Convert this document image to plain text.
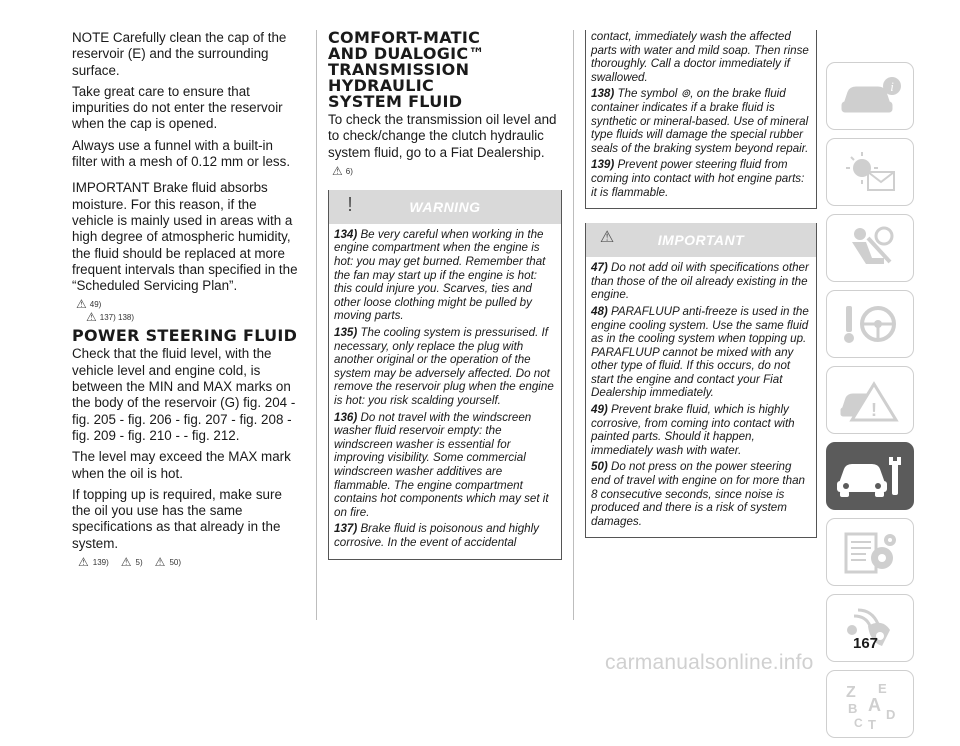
NOTE Carefully clean the cap of the reservoir (E) and the surrounding surface.

Take great care to ensure that impurities do not enter the reservoir when the cap is opened.

Always use a funnel with a built-in filter with a mesh of 0.12 mm or less.

IMPORTANT Brake fluid absorbs moisture. For this reason, if the vehicle is mainly used in areas with a high degree of atmospheric humidity, the fluid should be replaced at more frequent intervals than specified in the “Scheduled Servicing Plan”.

⚠ 49)
⚠ 137) 138)
POWER STEERING FLUID

Check that the fluid level, with the vehicle level and engine cold, is between the MIN and MAX marks on the body of the reservoir (G) fig. 204 - fig. 205 - fig. 206 - fig. 207 - fig. 208 - fig. 209 - fig. 210 - - fig. 212.

The level may exceed the MAX mark when the oil is hot.

If topping up is required, make sure the oil you use has the same specifications as that already in the system.

⚠ 139) ⚠ 5) ⚠ 50)
COMFORT-MATIC AND DUALOGIC™ TRANSMISSION HYDRAULIC SYSTEM FLUID

To check the transmission oil level and to check/change the clutch hydraulic system fluid, go to a Fiat Dealership.

⚠ 6)
!	WARNING

134) Be very careful when working in the engine compartment when the engine is hot: you may get burned. Remember that the fan may start up if the engine is hot: this could injure you. Scarves, ties and other loose clothing might be pulled by moving parts.

135) The cooling system is pressurised. If necessary, only replace the plug with another original or the operation of the system may be adversely affected. Do not remove the reservoir plug when the engine is hot: you risk scalding yourself.

136) Do not travel with the windscreen washer fluid reservoir empty: the windscreen washer is essential for improving visibility. Some commercial windscreen washer additives are flammable. The engine compartment contains hot components which may set it on fire.

137) Brake fluid is poisonous and highly corrosive. In the event of accidental

contact, immediately wash the affected parts with water and mild soap. Then rinse thoroughly. Call a doctor immediately if swallowed.

138) The symbol ⊚, on the brake fluid container indicates if a brake fluid is synthetic or mineral-based. Use of mineral type fluids will damage the special rubber seals of the braking system beyond repair.

139) Prevent power steering fluid from coming into contact with hot engine parts: it is flammable.

⚠	IMPORTANT

47) Do not add oil with specifications other than those of the oil already existing in the engine.

48) PARAFLUUP anti-freeze is used in the engine cooling system. Use the same fluid as in the cooling system when topping up. PARAFLUUP cannot be mixed with any other type of fluid. If this occurs, do not start the engine and contact your Fiat Dealership immediately.

49) Prevent brake fluid, which is highly corrosive, from coming into contact with painted parts. Should it happen, immediately wash with water.

50) Do not press on the power steering end of travel with engine on for more than 8 consecutive seconds, since noise is produced and there is a risk of system damages.

i
!
Z E
A
B D
C T
167
carmanualsonline.info
